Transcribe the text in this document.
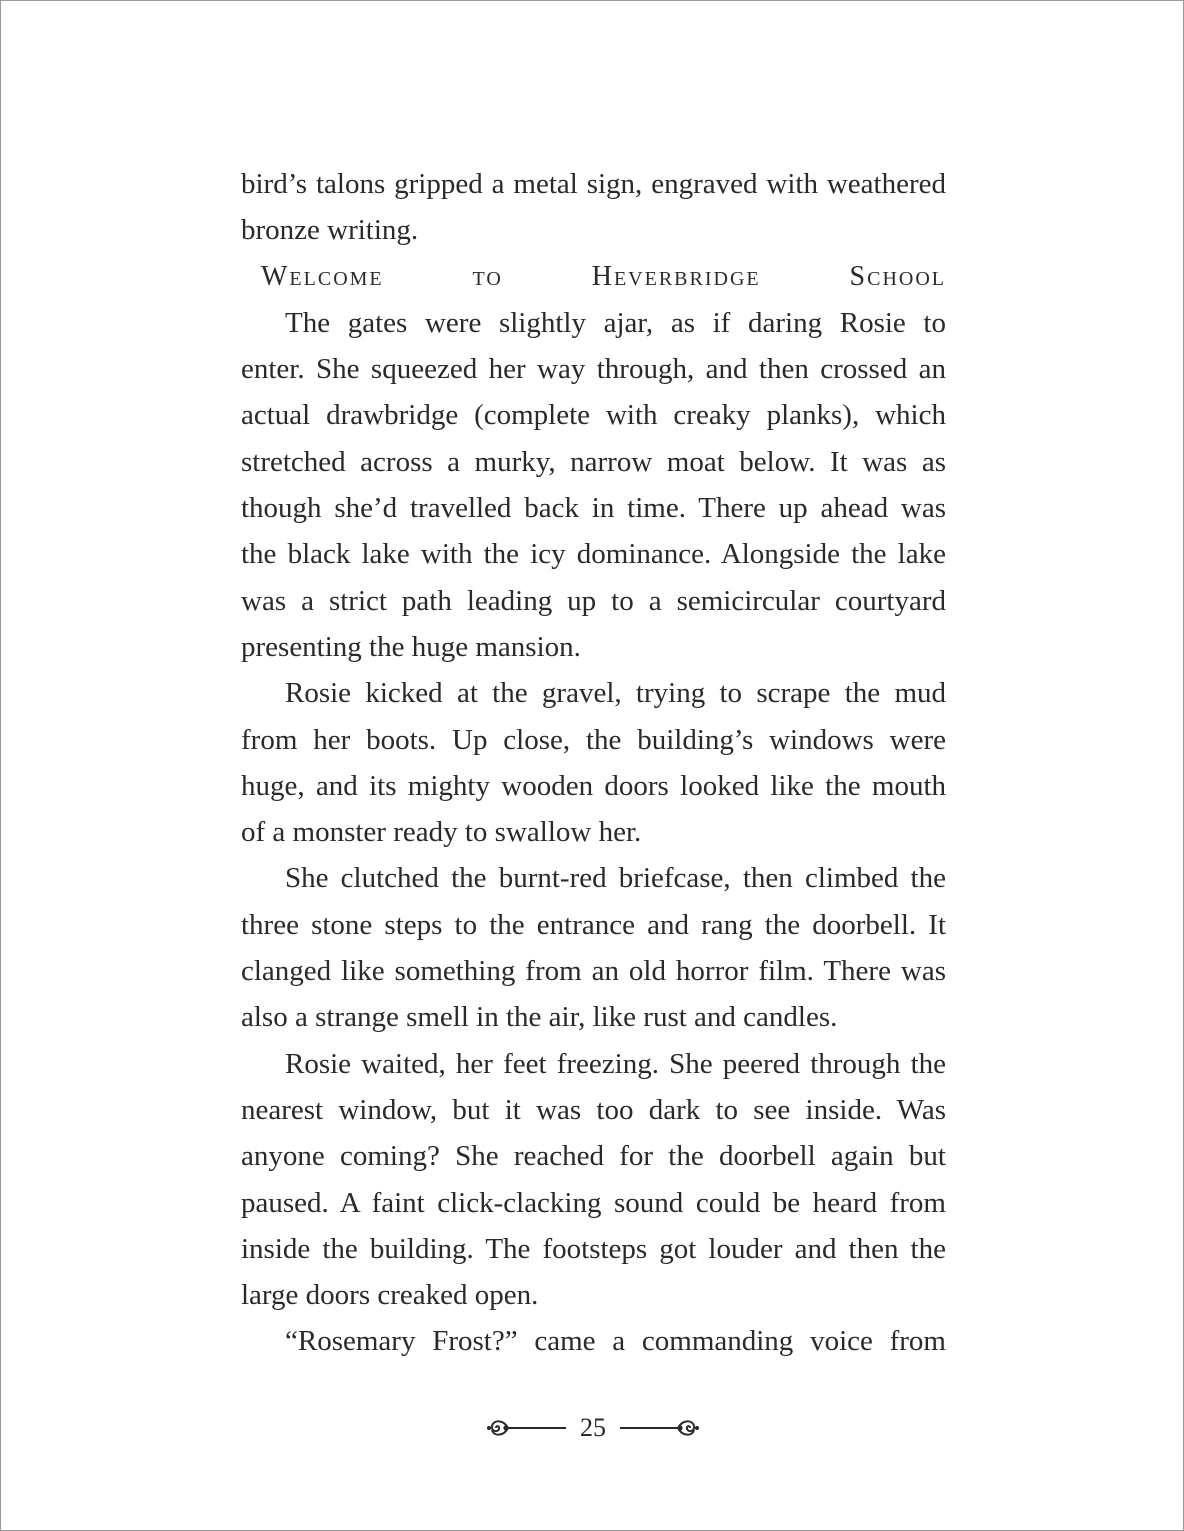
bird’s talons gripped a metal sign, engraved with weathered

bronze writing.

Welcome to Heverbridge School

The gates were slightly ajar, as if daring Rosie to

enter. She squeezed her way through, and then crossed an

actual drawbridge (complete with creaky planks), which

stretched across a murky, narrow moat below. It was as

though she’d travelled back in time. There up ahead was

the black lake with the icy dominance. Alongside the lake

was a strict path leading up to a semicircular courtyard

presenting the huge mansion.

Rosie kicked at the gravel, trying to scrape the mud

from her boots. Up close, the building’s windows were

huge, and its mighty wooden doors looked like the mouth

of a monster ready to swallow her.

She clutched the burnt-red briefcase, then climbed the

three stone steps to the entrance and rang the doorbell. It

clanged like something from an old horror film. There was

also a strange smell in the air, like rust and candles.

Rosie waited, her feet freezing. She peered through the

nearest window, but it was too dark to see inside. Was

anyone coming? She reached for the doorbell again but

paused. A faint click-clacking sound could be heard from

inside the building. The footsteps got louder and then the

large doors creaked open.

“Rosemary Frost?” came a commanding voice from

25
